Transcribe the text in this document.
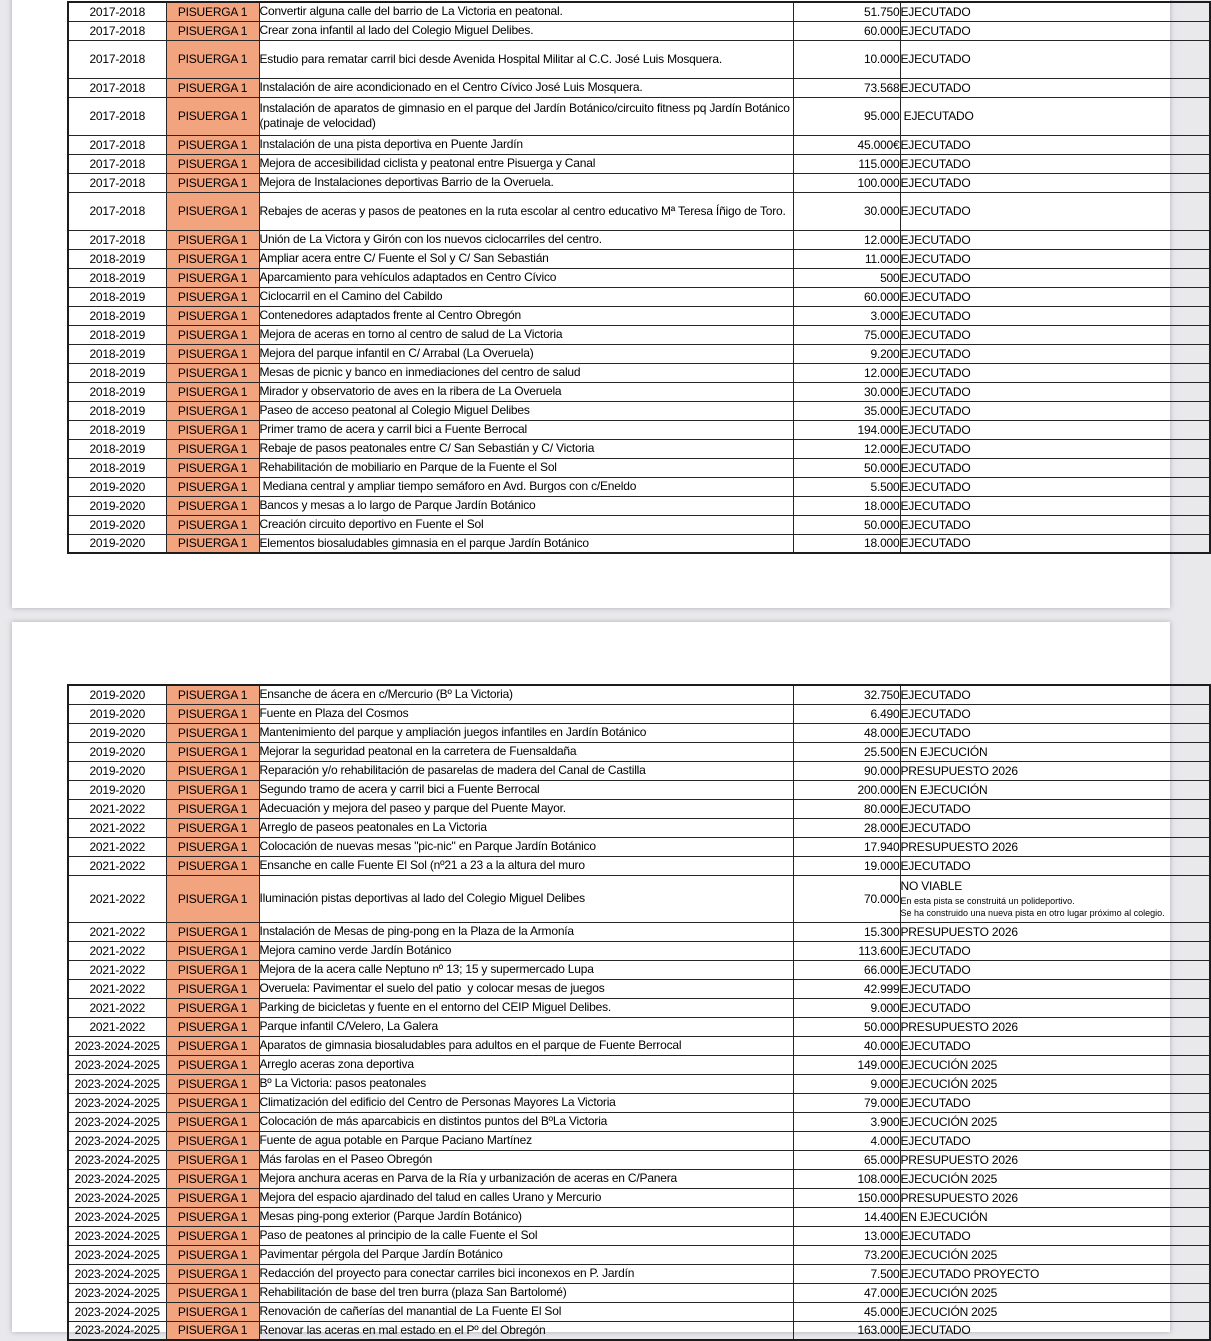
2017-2018	PISUERGA 1	Convertir alguna calle del barrio de La Victoria en peatonal.	51.750	EJECUTADO
2017-2018	PISUERGA 1	Crear zona infantil al lado del Colegio Miguel Delibes.	60.000	EJECUTADO
2017-2018	PISUERGA 1	Estudio para rematar carril bici desde Avenida Hospital Militar al C.C. José Luis Mosquera.	10.000	EJECUTADO
2017-2018	PISUERGA 1	Instalación de aire acondicionado en el Centro Cívico José Luis Mosquera.	73.568	EJECUTADO
2017-2018	PISUERGA 1	Instalación de aparatos de gimnasio en el parque del Jardín Botánico/circuito fitness pq Jardín Botánico (patinaje de velocidad)	95.000	EJECUTADO
2017-2018	PISUERGA 1	Instalación de una pista deportiva en Puente Jardín	45.000€	EJECUTADO
2017-2018	PISUERGA 1	Mejora de accesibilidad ciclista y peatonal entre Pisuerga y Canal	115.000	EJECUTADO
2017-2018	PISUERGA 1	Mejora de Instalaciones deportivas Barrio de la Overuela.	100.000	EJECUTADO
2017-2018	PISUERGA 1	Rebajes de aceras y pasos de peatones en la ruta escolar al centro educativo Mª Teresa Íñigo de Toro.	30.000	EJECUTADO
2017-2018	PISUERGA 1	Unión de La Victora y Girón con los nuevos ciclocarriles del centro.	12.000	EJECUTADO
2018-2019	PISUERGA 1	Ampliar acera entre C/ Fuente el Sol y C/ San Sebastián	11.000	EJECUTADO
2018-2019	PISUERGA 1	Aparcamiento para vehículos adaptados en Centro Cívico	500	EJECUTADO
2018-2019	PISUERGA 1	Ciclocarril en el Camino del Cabildo	60.000	EJECUTADO
2018-2019	PISUERGA 1	Contenedores adaptados frente al Centro Obregón	3.000	EJECUTADO
2018-2019	PISUERGA 1	Mejora de aceras en torno al centro de salud de La Victoria	75.000	EJECUTADO
2018-2019	PISUERGA 1	Mejora del parque infantil en C/ Arrabal (La Overuela)	9.200	EJECUTADO
2018-2019	PISUERGA 1	Mesas de picnic y banco en inmediaciones del centro de salud	12.000	EJECUTADO
2018-2019	PISUERGA 1	Mirador y observatorio de aves en la ribera de La Overuela	30.000	EJECUTADO
2018-2019	PISUERGA 1	Paseo de acceso peatonal al Colegio Miguel Delibes	35.000	EJECUTADO
2018-2019	PISUERGA 1	Primer tramo de acera y carril bici a Fuente Berrocal	194.000	EJECUTADO
2018-2019	PISUERGA 1	Rebaje de pasos peatonales entre C/ San Sebastián y C/ Victoria	12.000	EJECUTADO
2018-2019	PISUERGA 1	Rehabilitación de mobiliario en Parque de la Fuente el Sol	50.000	EJECUTADO
2019-2020	PISUERGA 1	Mediana central y ampliar tiempo semáforo en Avd. Burgos con c/Eneldo	5.500	EJECUTADO
2019-2020	PISUERGA 1	Bancos y mesas a lo largo de Parque Jardín Botánico	18.000	EJECUTADO
2019-2020	PISUERGA 1	Creación circuito deportivo en Fuente el Sol	50.000	EJECUTADO
2019-2020	PISUERGA 1	Elementos biosaludables gimnasia en el parque Jardín Botánico	18.000	EJECUTADO
2019-2020	PISUERGA 1	Ensanche de ácera en c/Mercurio (Bº La Victoria)	32.750	EJECUTADO
2019-2020	PISUERGA 1	Fuente en Plaza del Cosmos	6.490	EJECUTADO
2019-2020	PISUERGA 1	Mantenimiento del parque y ampliación juegos infantiles en Jardín Botánico	48.000	EJECUTADO
2019-2020	PISUERGA 1	Mejorar la seguridad peatonal en la carretera de Fuensaldaña	25.500	EN EJECUCIÓN
2019-2020	PISUERGA 1	Reparación y/o rehabilitación de pasarelas de madera del Canal de Castilla	90.000	PRESUPUESTO 2026
2019-2020	PISUERGA 1	Segundo tramo de acera y carril bici a Fuente Berrocal	200.000	EN EJECUCIÓN
2021-2022	PISUERGA 1	Adecuación y mejora del paseo y parque del Puente Mayor.	80.000	EJECUTADO
2021-2022	PISUERGA 1	Arreglo de paseos peatonales en La Victoria	28.000	EJECUTADO
2021-2022	PISUERGA 1	Colocación de nuevas mesas "pic-nic" en Parque Jardín Botánico	17.940	PRESUPUESTO 2026
2021-2022	PISUERGA 1	Ensanche en calle Fuente El Sol (nº21 a 23 a la altura del muro	19.000	EJECUTADO
2021-2022	PISUERGA 1	Iluminación pistas deportivas al lado del Colegio Miguel Delibes	70.000	NO VIABLE
En esta pista se construitá un polideportivo.
Se ha construido una nueva pista en otro lugar próximo al colegio.

2021-2022	PISUERGA 1	Instalación de Mesas de ping-pong en la Plaza de la Armonía	15.300	PRESUPUESTO 2026
2021-2022	PISUERGA 1	Mejora camino verde Jardín Botánico	113.600	EJECUTADO
2021-2022	PISUERGA 1	Mejora de la acera calle Neptuno nº 13; 15 y supermercado Lupa	66.000	EJECUTADO
2021-2022	PISUERGA 1	Overuela: Pavimentar el suelo del patio  y colocar mesas de juegos	42.999	EJECUTADO
2021-2022	PISUERGA 1	Parking de bicicletas y fuente en el entorno del CEIP Miguel Delibes.	9.000	EJECUTADO
2021-2022	PISUERGA 1	Parque infantil C/Velero, La Galera	50.000	PRESUPUESTO 2026
2023-2024-2025	PISUERGA 1	Aparatos de gimnasia biosaludables para adultos en el parque de Fuente Berrocal	40.000	EJECUTADO
2023-2024-2025	PISUERGA 1	Arreglo aceras zona deportiva	149.000	EJECUCIÓN 2025
2023-2024-2025	PISUERGA 1	Bº La Victoria: pasos peatonales	9.000	EJECUCIÓN 2025
2023-2024-2025	PISUERGA 1	Climatización del edificio del Centro de Personas Mayores La Victoria	79.000	EJECUTADO
2023-2024-2025	PISUERGA 1	Colocación de más aparcabicis en distintos puntos del BºLa Victoria	3.900	EJECUCIÓN 2025
2023-2024-2025	PISUERGA 1	Fuente de agua potable en Parque Paciano Martínez	4.000	EJECUTADO
2023-2024-2025	PISUERGA 1	Más farolas en el Paseo Obregón	65.000	PRESUPUESTO 2026
2023-2024-2025	PISUERGA 1	Mejora anchura aceras en Parva de la Ría y urbanización de aceras en C/Panera	108.000	EJECUCIÓN 2025
2023-2024-2025	PISUERGA 1	Mejora del espacio ajardinado del talud en calles Urano y Mercurio	150.000	PRESUPUESTO 2026
2023-2024-2025	PISUERGA 1	Mesas ping-pong exterior (Parque Jardín Botánico)	14.400	EN EJECUCIÓN
2023-2024-2025	PISUERGA 1	Paso de peatones al principio de la calle Fuente el Sol	13.000	EJECUTADO
2023-2024-2025	PISUERGA 1	Pavimentar pérgola del Parque Jardín Botánico	73.200	EJECUCIÓN 2025
2023-2024-2025	PISUERGA 1	Redacción del proyecto para conectar carriles bici inconexos en P. Jardín	7.500	EJECUTADO PROYECTO
2023-2024-2025	PISUERGA 1	Rehabilitación de base del tren burra (plaza San Bartolomé)	47.000	EJECUCIÓN 2025
2023-2024-2025	PISUERGA 1	Renovación de cañerías del manantial de La Fuente El Sol	45.000	EJECUCIÓN 2025
2023-2024-2025	PISUERGA 1	Renovar las aceras en mal estado en el Pº del Obregón	163.000	EJECUTADO
